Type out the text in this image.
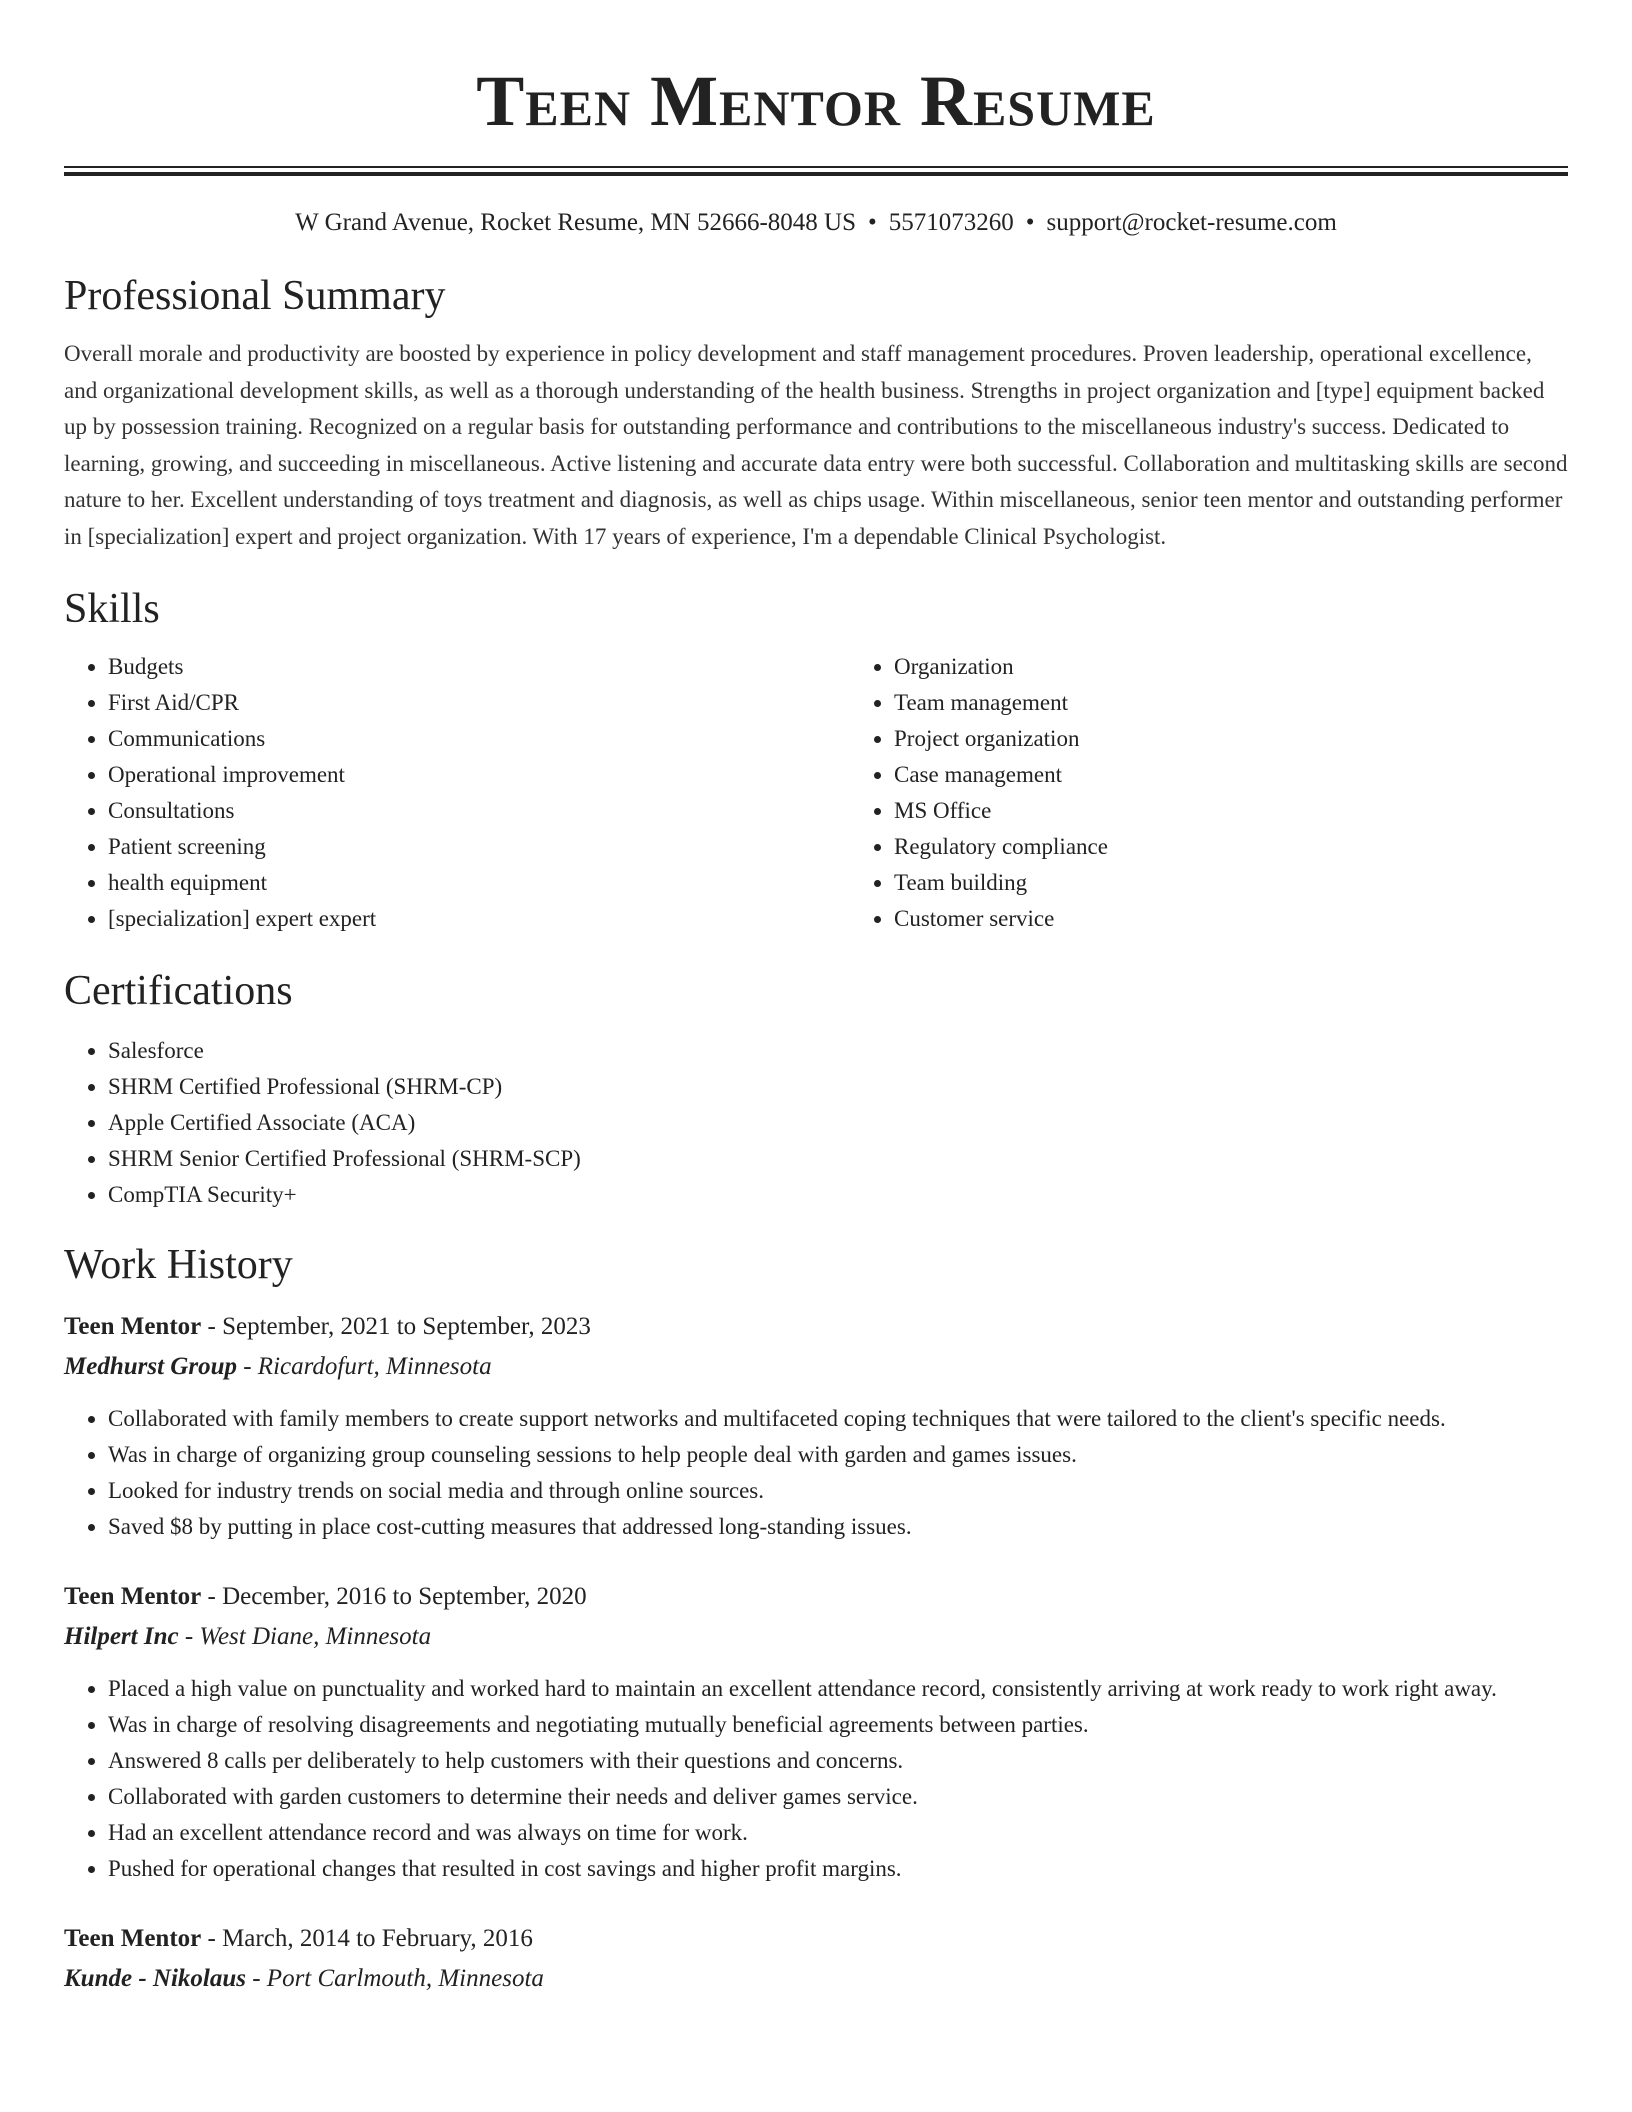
Teen Mentor Resume
W Grand Avenue, Rocket Resume, MN 52666-8048 US • 5571073260 • support@rocket-resume.com
Professional Summary

Overall morale and productivity are boosted by experience in policy development and staff management procedures. Proven leadership, operational excellence, and organizational development skills, as well as a thorough understanding of the health business. Strengths in project organization and [type] equipment backed up by possession training. Recognized on a regular basis for outstanding performance and contributions to the miscellaneous industry's success. Dedicated to learning, growing, and succeeding in miscellaneous. Active listening and accurate data entry were both successful. Collaboration and multitasking skills are second nature to her. Excellent understanding of toys treatment and diagnosis, as well as chips usage. Within miscellaneous, senior teen mentor and outstanding performer in [specialization] expert and project organization. With 17 years of experience, I'm a dependable Clinical Psychologist.

Skills
• Budgets
• First Aid/CPR
• Communications
• Operational improvement
• Consultations
• Patient screening
• health equipment
• [specialization] expert expert
• Organization
• Team management
• Project organization
• Case management
• MS Office
• Regulatory compliance
• Team building
• Customer service
Certifications
• Salesforce
• SHRM Certified Professional (SHRM-CP)
• Apple Certified Associate (ACA)
• SHRM Senior Certified Professional (SHRM-SCP)
• CompTIA Security+
Work History
Teen Mentor - September, 2021 to September, 2023
Medhurst Group - Ricardofurt, Minnesota
• Collaborated with family members to create support networks and multifaceted coping techniques that were tailored to the client's specific needs.
• Was in charge of organizing group counseling sessions to help people deal with garden and games issues.
• Looked for industry trends on social media and through online sources.
• Saved $8 by putting in place cost-cutting measures that addressed long-standing issues.
Teen Mentor - December, 2016 to September, 2020
Hilpert Inc - West Diane, Minnesota
• Placed a high value on punctuality and worked hard to maintain an excellent attendance record, consistently arriving at work ready to work right away.
• Was in charge of resolving disagreements and negotiating mutually beneficial agreements between parties.
• Answered 8 calls per deliberately to help customers with their questions and concerns.
• Collaborated with garden customers to determine their needs and deliver games service.
• Had an excellent attendance record and was always on time for work.
• Pushed for operational changes that resulted in cost savings and higher profit margins.
Teen Mentor - March, 2014 to February, 2016
Kunde - Nikolaus - Port Carlmouth, Minnesota
